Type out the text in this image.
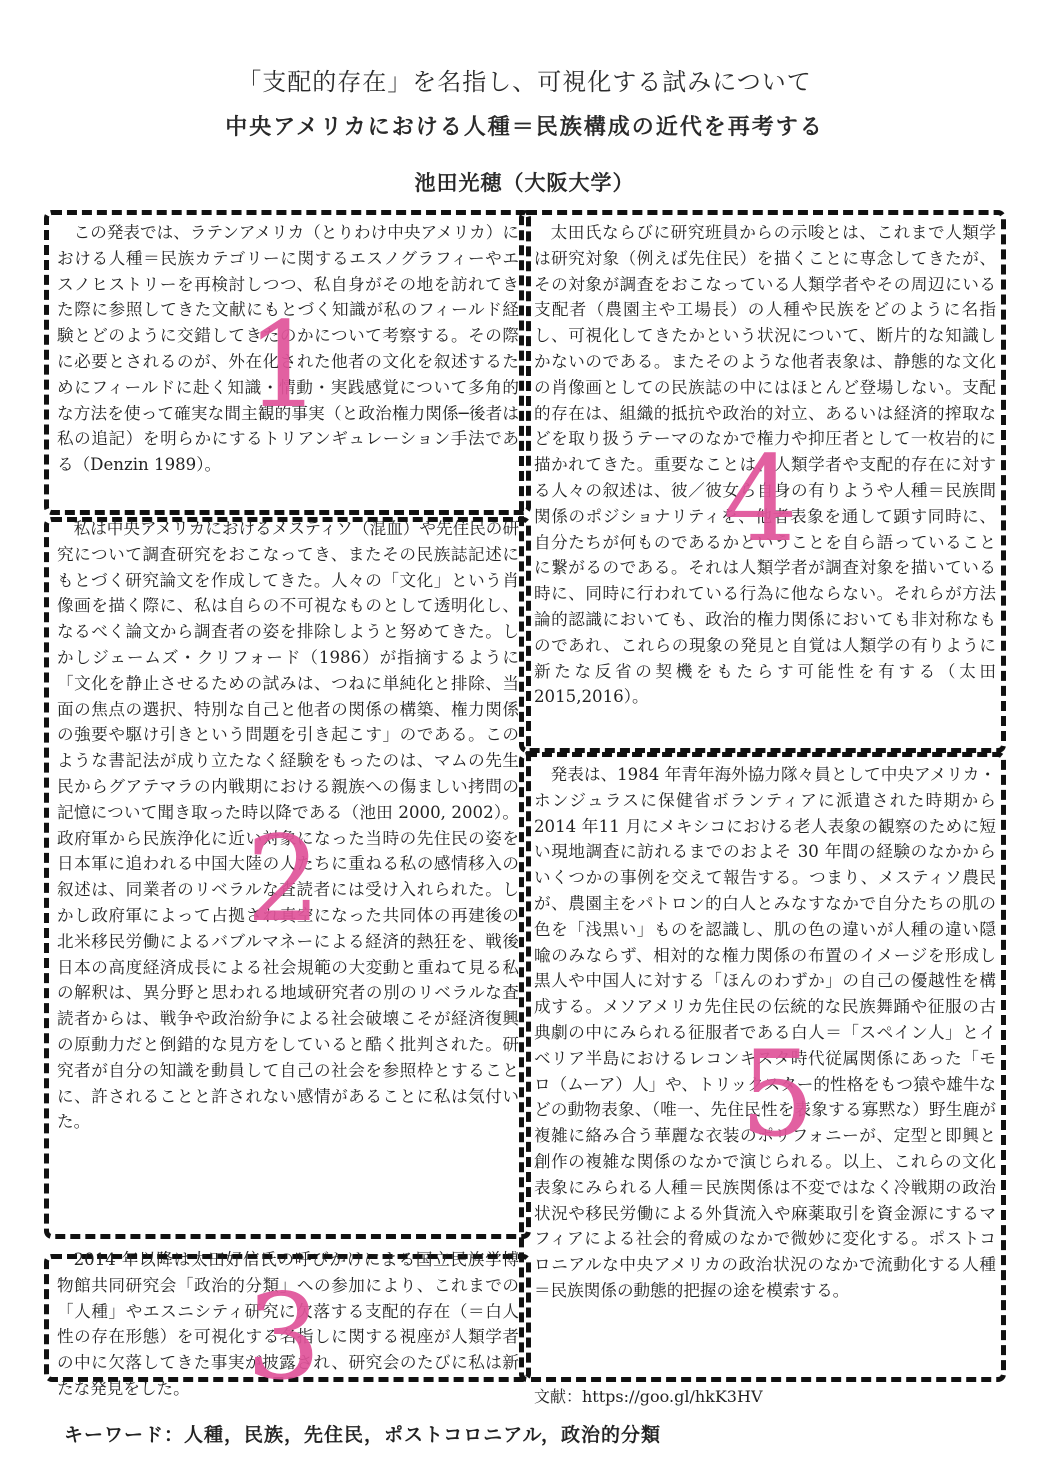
「支配的存在」を名指し、可視化する試みについて
中央アメリカにおける人種＝民族構成の近代を再考する
池田光穂（大阪大学）

この発表では、ラテンアメリカ（とりわけ中央アメリカ）における人種＝民族カテゴリーに関するエスノグラフィーやエスノヒストリーを再検討しつつ、私自身がその地を訪れてきた際に参照してきた文献にもとづく知識が私のフィールド経験とどのように交錯してきたのかについて考察する。その際に必要とされるのが、外在化された他者の文化を叙述するためにフィールドに赴く知識・情動・実践感覚について多角的な方法を使って確実な間主観的事実（と政治権力関係─後者は私の追記）を明らかにするトリアンギュレーション手法である（Denzin 1989）。

1

私は中央アメリカにおけるメスティソ（混血）や先住民の研究について調査研究をおこなってき、またその民族誌記述にもとづく研究論文を作成してきた。人々の「文化」という肖像画を描く際に、私は自らの不可視なものとして透明化し、なるべく論文から調査者の姿を排除しようと努めてきた。しかしジェームズ・クリフォード（1986）が指摘するように「文化を静止させるための試みは、つねに単純化と排除、当面の焦点の選択、特別な自己と他者の関係の構築、権力関係の強要や駆け引きという問題を引き起こす」のである。このような書記法が成り立たなく経験をもったのは、マムの先生民からグアテマラの内戦期における親族への傷ましい拷問の記憶について聞き取った時以降である（池田 2000, 2002）。政府軍から民族浄化に近い対象になった当時の先住民の姿を日本軍に追われる中国大陸の人たちに重ねる私の感情移入の叙述は、同業者のリベラルな査読者には受け入れられた。しかし政府軍によって占拠され真空になった共同体の再建後の北米移民労働によるバブルマネーによる経済的熱狂を、戦後日本の高度経済成長による社会規範の大変動と重ねて見る私の解釈は、異分野と思われる地域研究者の別のリベラルな査読者からは、戦争や政治紛争による社会破壊こそが経済復興の原動力だと倒錯的な見方をしていると酷く批判された。研究者が自分の知識を動員して自己の社会を参照枠とすることに、許されることと許されない感情があることに私は気付いた。

2

2014 年以降は太田好信氏の呼びかけによる国立民族学博物館共同研究会「政治的分類」への参加により、これまでの「人種」やエスニシティ研究に欠落する支配的存在（＝白人性の存在形態）を可視化する名指しに関する視座が人類学者の中に欠落してきた事実が披露され、研究会のたびに私は新たな発見をした。 3

太田氏ならびに研究班員からの示唆とは、これまで人類学は研究対象（例えば先住民）を描くことに専念してきたが、その対象が調査をおこなっている人類学者やその周辺にいる支配者（農園主や工場長）の人種や民族をどのように名指し、可視化してきたかという状況について、断片的な知識しかないのである。またそのような他者表象は、静態的な文化の肖像画としての民族誌の中にはほとんど登場しない。支配的存在は、組織的抵抗や政治的対立、あるいは経済的搾取などを取り扱うテーマのなかで権力や抑圧者として一枚岩的に描かれてきた。重要なことは、人類学者や支配的存在に対する人々の叙述は、彼／彼女ら自身の有りようや人種＝民族間関係のポジショナリティを、他者表象を通して顕す同時に、自分たちが何ものであるかということを自ら語っていることに繋がるのである。それは人類学者が調査対象を描いている時に、同時に行われている行為に他ならない。それらが方法論的認識においても、政治的権力関係においても非対称なものであれ、これらの現象の発見と自覚は人類学の有りように新たな反省の契機をもたらす可能性を有する（太田 2015,2016）。

4

発表は、1984 年青年海外協力隊々員として中央アメリカ・ホンジュラスに保健省ボランティアに派遣された時期から2014 年11 月にメキシコにおける老人表象の観察のために短い現地調査に訪れるまでのおよそ 30 年間の経験のなかからいくつかの事例を交えて報告する。つまり、メスティソ農民が、農園主をパトロン的白人とみなすなかで自分たちの肌の色を「浅黒い」ものを認識し、肌の色の違いが人種の違い隠喩のみならず、相対的な権力関係の布置のイメージを形成し黒人や中国人に対する「ほんのわずか」の自己の優越性を構成する。メソアメリカ先住民の伝統的な民族舞踊や征服の古典劇の中にみられる征服者である白人＝「スペイン人」とイベリア半島におけるレコンキスタ時代従属関係にあった「モロ（ムーア）人」や、トリックスター的性格をもつ猿や雄牛などの動物表象、（唯一、先住民性を表象する寡黙な）野生鹿が複雑に絡み合う華麗な衣装のポリフォニーが、定型と即興と創作の複雑な関係のなかで演じられる。以上、これらの文化表象にみられる人種＝民族関係は不変ではなく冷戦期の政治状況や移民労働による外貨流入や麻薬取引を資金源にするマフィアによる社会的脅威のなかで微妙に変化する。ポストコロニアルな中央アメリカの政治状況のなかで流動化する人種＝民族関係の動態的把握の途を模索する。

5
文献：https://goo.gl/hkK3HV
キーワード：人種，民族，先住民，ポストコロニアル，政治的分類
